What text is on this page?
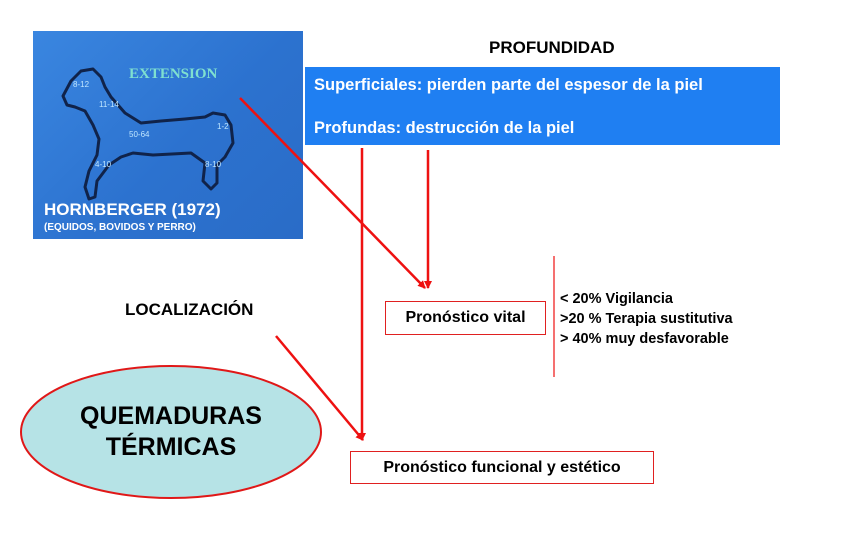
EXTENSION
8-12
11-14
50-64
1-2
4-10	8-10
HORNBERGER (1972)
(EQUIDOS, BOVIDOS Y PERRO)
PROFUNDIDAD
Superficiales: pierden parte del espesor de la piel
Profundas: destrucción de la piel
LOCALIZACIÓN	Pronóstico vital
< 20% Vigilancia
>20 % Terapia sustitutiva
> 40% muy desfavorable
Pronóstico funcional y estético
QUEMADURAS
TÉRMICAS
